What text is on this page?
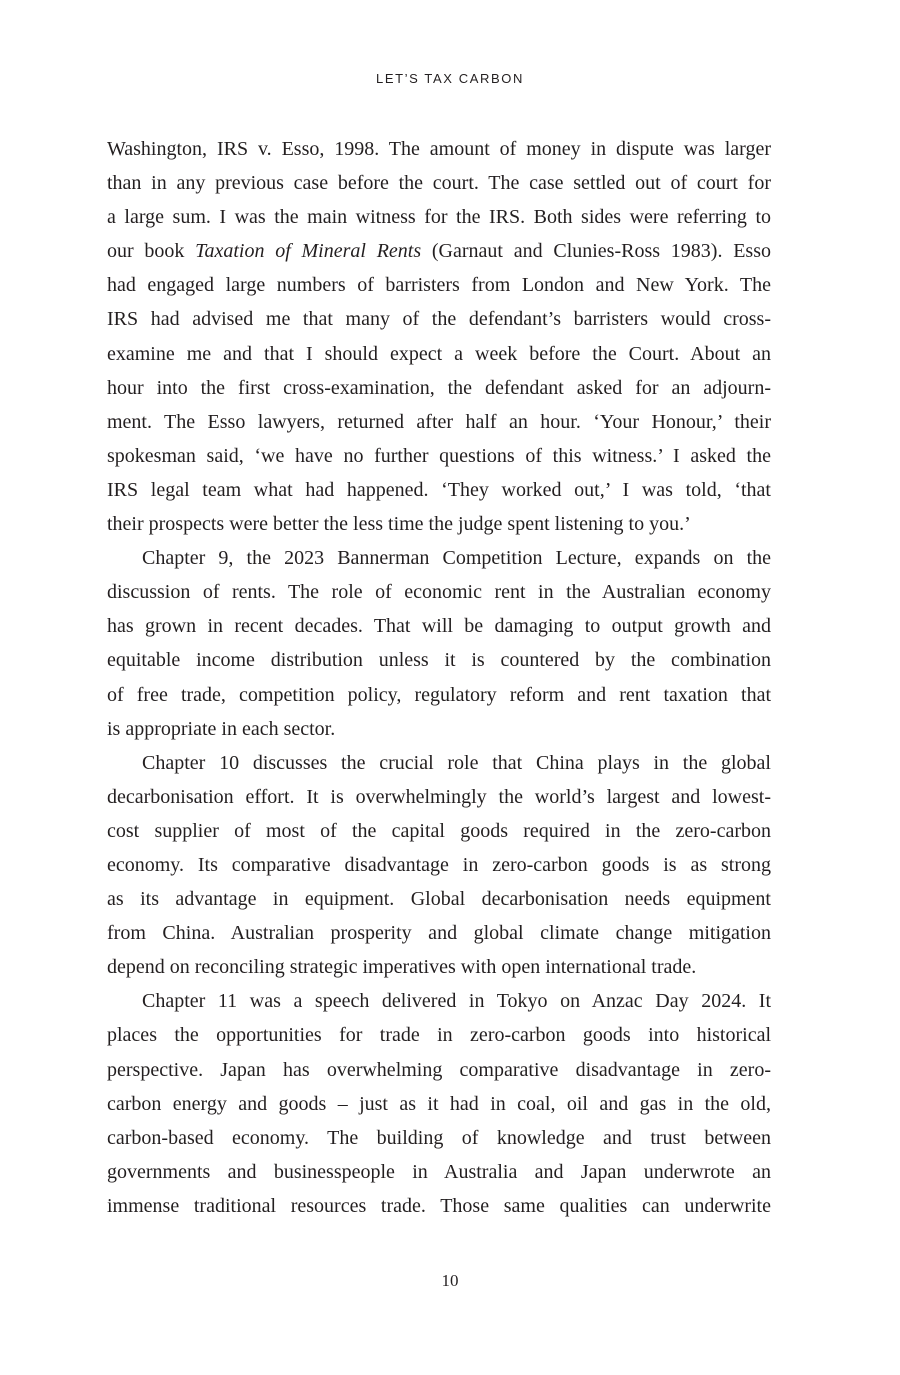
LET’S TAX CARBON
Washington, IRS v. Esso, 1998. The amount of money in dispute was larger
than in any previous case before the court. The case settled out of court for
a large sum. I was the main witness for the IRS. Both sides were referring to
our book Taxation of Mineral Rents (Garnaut and Clunies-Ross 1983). Esso
had engaged large numbers of barristers from London and New York. The
IRS had advised me that many of the defendant’s barristers would cross-
examine me and that I should expect a week before the Court. About an
hour into the first cross-examination, the defendant asked for an adjourn-
ment. The Esso lawyers, returned after half an hour. ‘Your Honour,’ their
spokesman said, ‘we have no further questions of this witness.’ I asked the
IRS legal team what had happened. ‘They worked out,’ I was told, ‘that
their prospects were better the less time the judge spent listening to you.’
Chapter 9, the 2023 Bannerman Competition Lecture, expands on the
discussion of rents. The role of economic rent in the Australian economy
has grown in recent decades. That will be damaging to output growth and
equitable income distribution unless it is countered by the combination
of free trade, competition policy, regulatory reform and rent taxation that
is appropriate in each sector.
Chapter 10 discusses the crucial role that China plays in the global
decarbonisation effort. It is overwhelmingly the world’s largest and lowest-
cost supplier of most of the capital goods required in the zero-carbon
economy. Its comparative disadvantage in zero-carbon goods is as strong
as its advantage in equipment. Global decarbonisation needs equipment
from China. Australian prosperity and global climate change mitigation
depend on reconciling strategic imperatives with open international trade.
Chapter 11 was a speech delivered in Tokyo on Anzac Day 2024. It
places the opportunities for trade in zero-carbon goods into historical
perspective. Japan has overwhelming comparative disadvantage in zero-
carbon energy and goods – just as it had in coal, oil and gas in the old,
carbon-based economy. The building of knowledge and trust between
governments and businesspeople in Australia and Japan underwrote an
immense traditional resources trade. Those same qualities can underwrite
10
